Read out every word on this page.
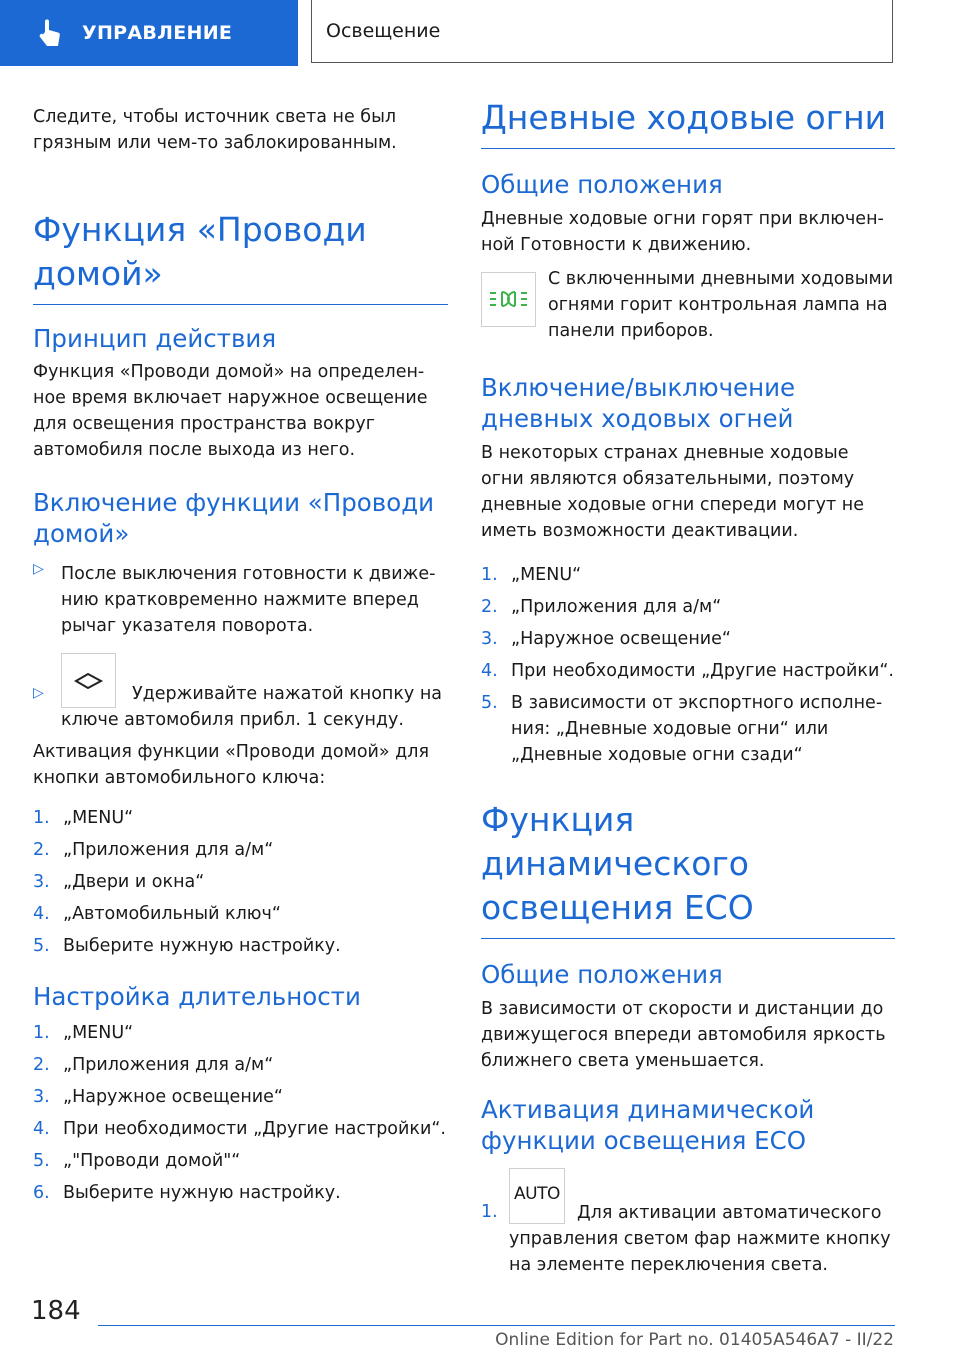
УПРАВЛЕНИЕ	Освещение

Следите, чтобы источник света не был грязным или чем-то заблокированным.

Функция «Проводи домой»
Принцип действия

Функция «Проводи домой» на определенное время включает наружное освещение для освещения пространства вокруг автомобиля после выхода из него.

Включение функции «Проводи домой»
▷ После выключения готовности к движению кратковременно нажмите вперед рычаг указателя поворота.
▷	Удерживайте нажатой кнопку на
ключе автомобиля прибл. 1 секунду.

Активация функции «Проводи домой» для кнопки автомобильного ключа:

1. „MENU“
2. „Приложения для а/м“
3. „Двери и окна“
4. „Автомобильный ключ“
5. Выберите нужную настройку.
Настройка длительности
1. „MENU“
2. „Приложения для а/м“
3. „Наружное освещение“
4. При необходимости „Другие настройки“.
5. „"Проводи домой"“
6. Выберите нужную настройку.
Дневные ходовые огни
Общие положения

Дневные ходовые огни горят при включенной Готовности к движению.

С включенными дневными ходовыми огнями горит контрольная лампа на панели приборов.

Включение/выключение дневных ходовых огней

В некоторых странах дневные ходовые огни являются обязательными, поэтому дневные ходовые огни спереди могут не иметь возможности деактивации.

1. „MENU“
2. „Приложения для а/м“
3. „Наружное освещение“
4. При необходимости „Другие настройки“.
5. В зависимости от экспортного исполнения: „Дневные ходовые огни“ или „Дневные ходовые огни сзади“
Функция динамического освещения ECO
Общие положения

В зависимости от скорости и дистанции до движущегося впереди автомобиля яркость ближнего света уменьшается.

Активация динамической функции освещения ECO
1.
AUTO

Для активации автоматического
управления светом фар нажмите кнопку
на элементе переключения света.

184
Online Edition for Part no. 01405A546A7 - II/22
